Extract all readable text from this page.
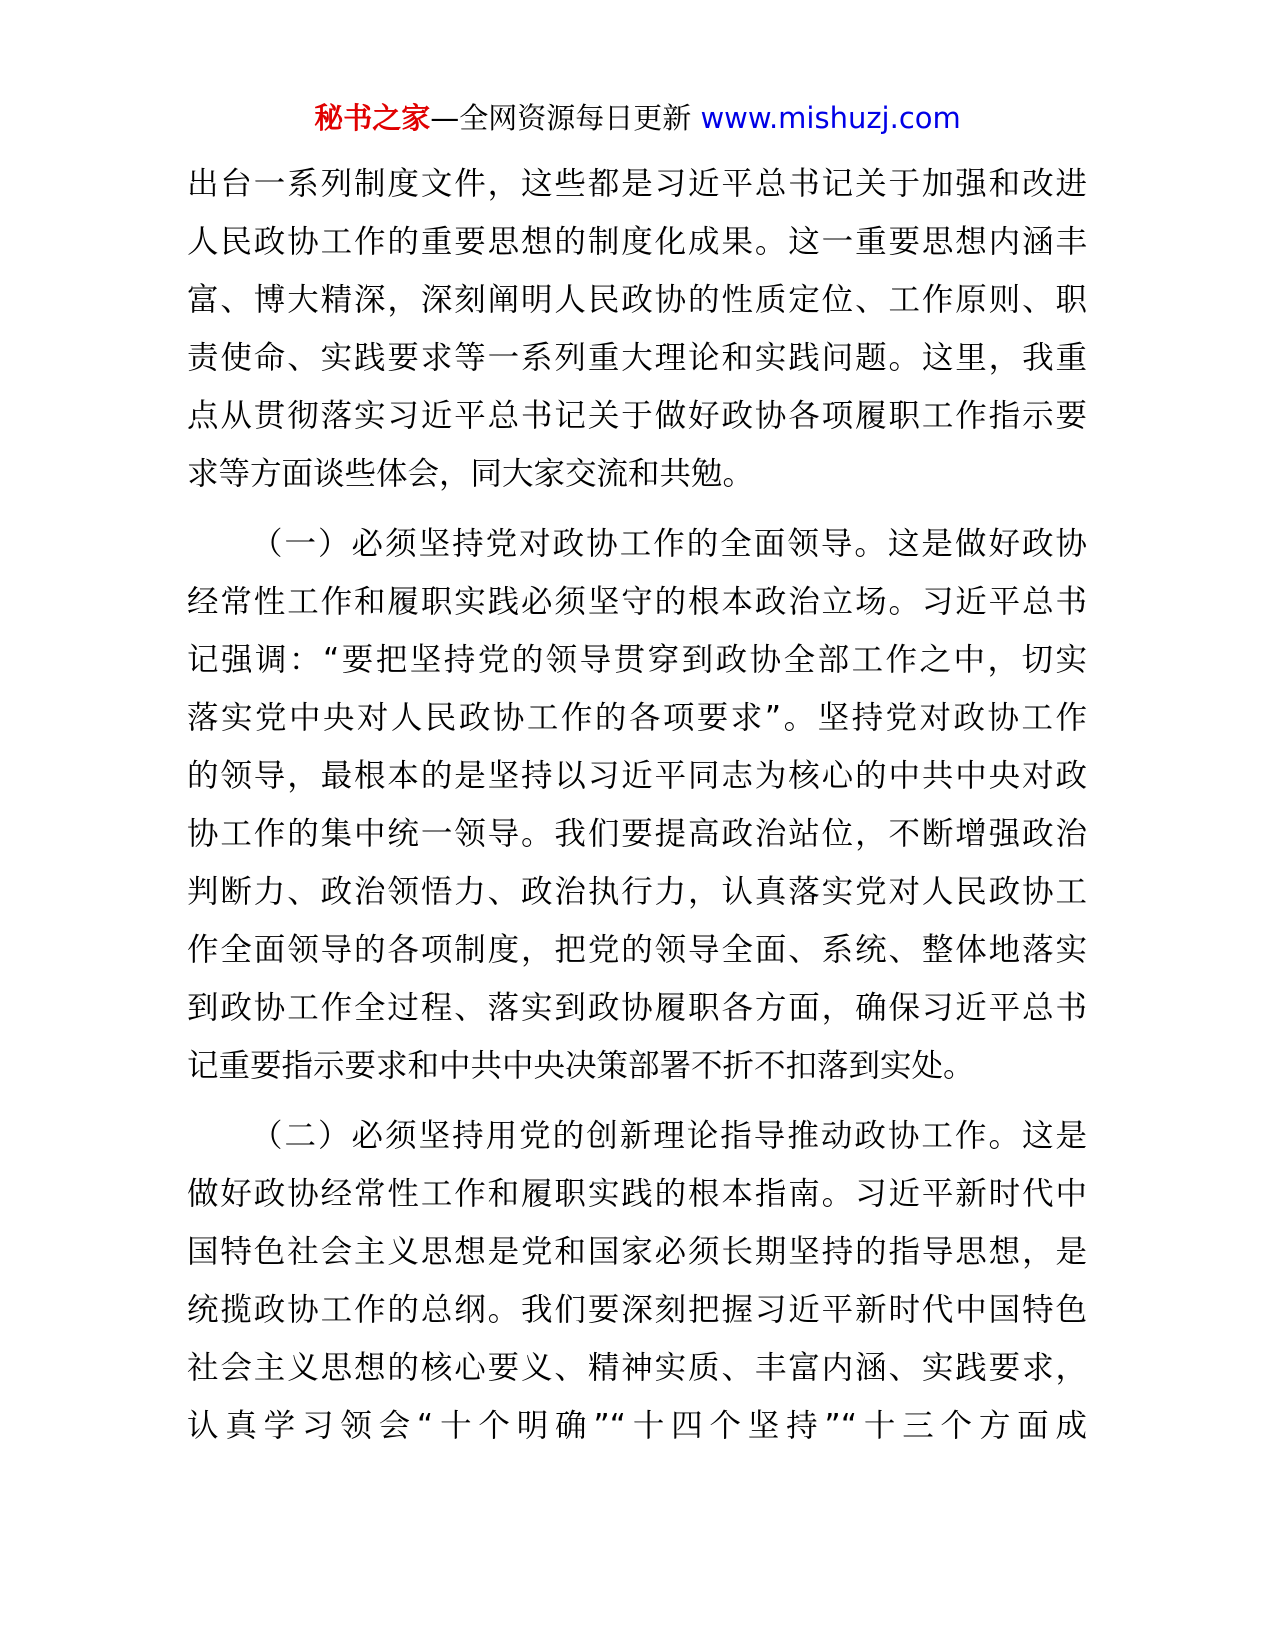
秘书之家—全网资源每日更新 www.mishuzj.com
出台一系列制度文件，这些都是习近平总书记关于加强和改进
人民政协工作的重要思想的制度化成果。这一重要思想内涵丰
富、博大精深，深刻阐明人民政协的性质定位、工作原则、职
责使命、实践要求等一系列重大理论和实践问题。这里，我重
点从贯彻落实习近平总书记关于做好政协各项履职工作指示要
求等方面谈些体会，同大家交流和共勉。
（一）必须坚持党对政协工作的全面领导。这是做好政协
经常性工作和履职实践必须坚守的根本政治立场。习近平总书
记强调：“要把坚持党的领导贯穿到政协全部工作之中，切实
落实党中央对人民政协工作的各项要求”。坚持党对政协工作
的领导，最根本的是坚持以习近平同志为核心的中共中央对政
协工作的集中统一领导。我们要提高政治站位，不断增强政治
判断力、政治领悟力、政治执行力，认真落实党对人民政协工
作全面领导的各项制度，把党的领导全面、系统、整体地落实
到政协工作全过程、落实到政协履职各方面，确保习近平总书
记重要指示要求和中共中央决策部署不折不扣落到实处。
（二）必须坚持用党的创新理论指导推动政协工作。这是
做好政协经常性工作和履职实践的根本指南。习近平新时代中
国特色社会主义思想是党和国家必须长期坚持的指导思想，是
统揽政协工作的总纲。我们要深刻把握习近平新时代中国特色
社会主义思想的核心要义、精神实质、丰富内涵、实践要求，
认真学习领会“十个明确”“十四个坚持”“十三个方面成
